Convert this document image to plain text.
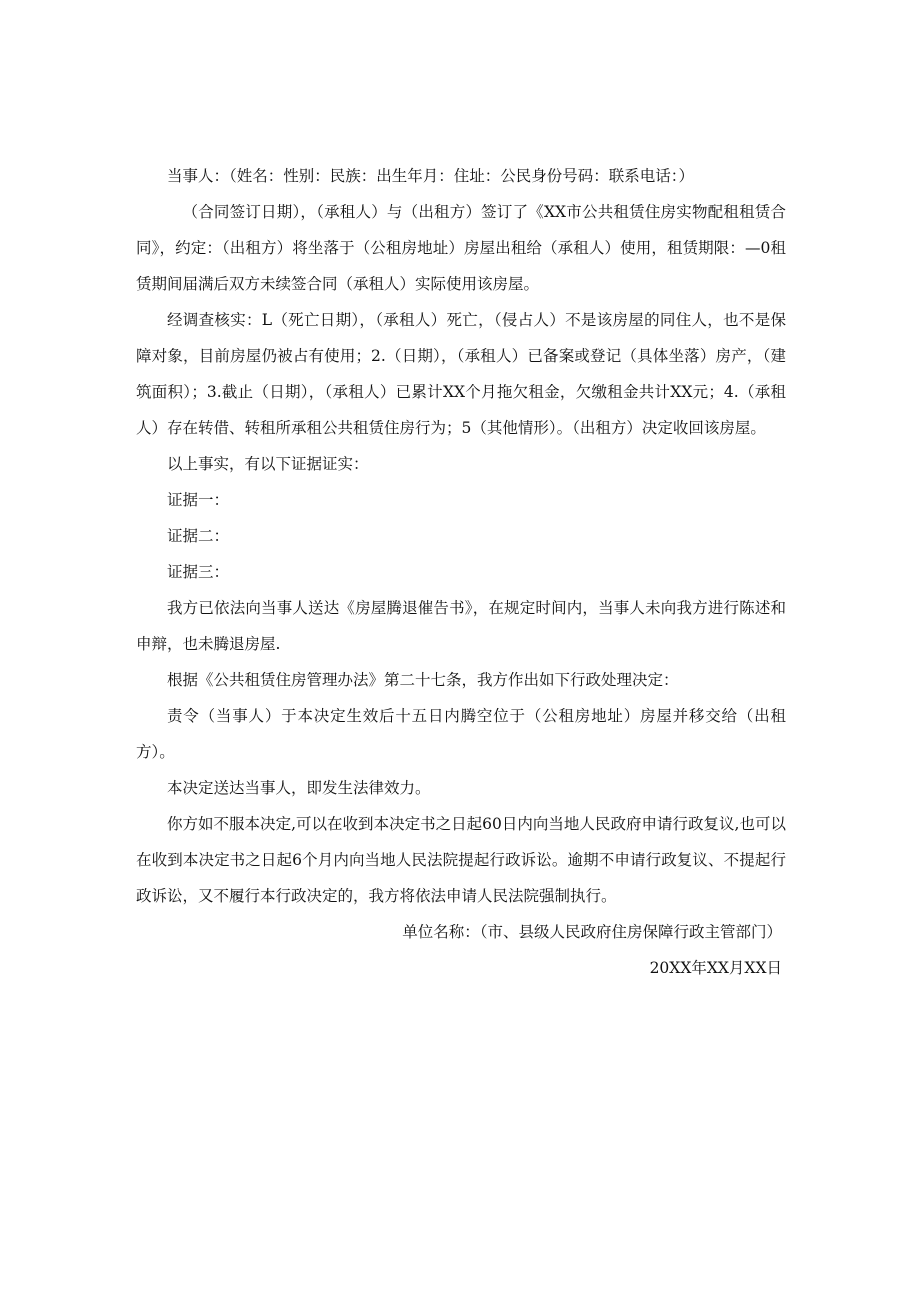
当事人：（姓名：性别：民族：出生年月：住址：公民身份号码：联系电话：）

（合同签订日期），（承租人）与（出租方）签订了《XX市公共租赁住房实物配租租赁合同》，约定：（出租方）将坐落于（公租房地址）房屋出租给（承租人）使用，租赁期限：—0租赁期间届满后双方未续签合同（承租人）实际使用该房屋。

经调查核实：L（死亡日期），（承租人）死亡，（侵占人）不是该房屋的同住人，也不是保障对象，目前房屋仍被占有使用；2.（日期），（承租人）已备案或登记（具体坐落）房产，（建筑面积）；3.截止（日期），（承租人）已累计XX个月拖欠租金，欠缴租金共计XX元；4.（承租人）存在转借、转租所承租公共租赁住房行为；5（其他情形）。（出租方）决定收回该房屋。

以上事实，有以下证据证实：

证据一：

证据二：

证据三：

我方已依法向当事人送达《房屋腾退催告书》，在规定时间内，当事人未向我方进行陈述和申辩，也未腾退房屋.

根据《公共租赁住房管理办法》第二十七条，我方作出如下行政处理决定：

责令（当事人）于本决定生效后十五日内腾空位于（公租房地址）房屋并移交给（出租方）。

本决定送达当事人，即发生法律效力。

你方如不服本决定,可以在收到本决定书之日起60日内向当地人民政府申请行政复议,也可以在收到本决定书之日起6个月内向当地人民法院提起行政诉讼。逾期不申请行政复议、不提起行政诉讼，又不履行本行政决定的，我方将依法申请人民法院强制执行。

单位名称：（市、县级人民政府住房保障行政主管部门）

20XX年XX月XX日
